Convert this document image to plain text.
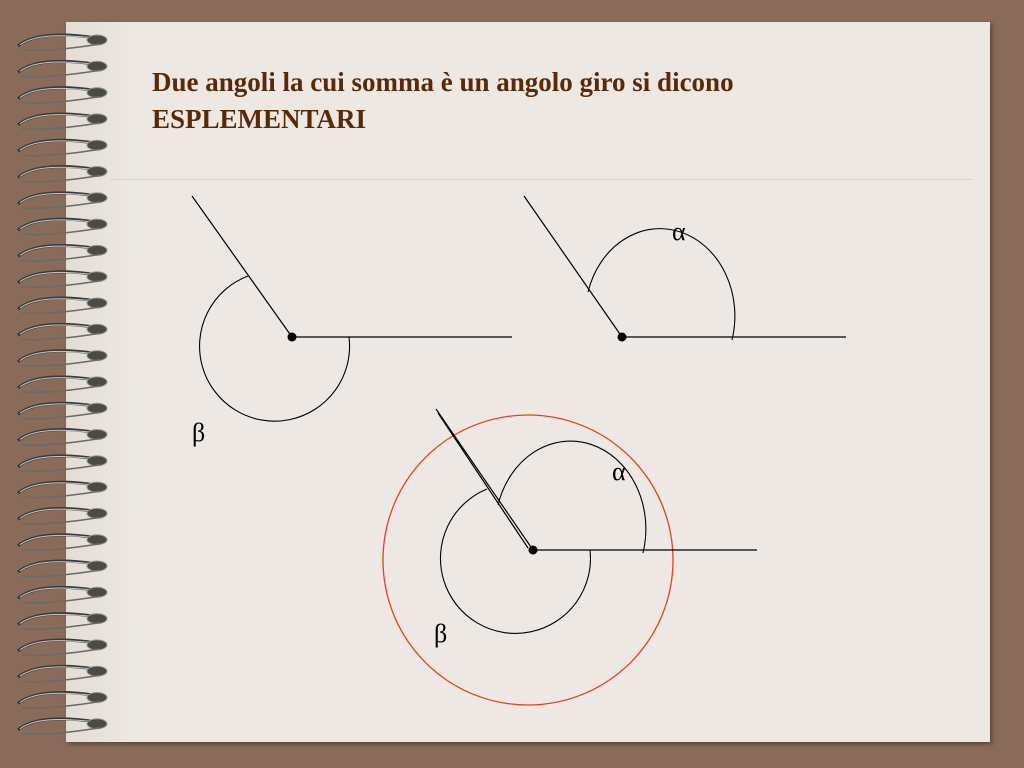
Due angoli la cui somma è un angolo giro si dicono
ESPLEMENTARI
β
α
α
β
